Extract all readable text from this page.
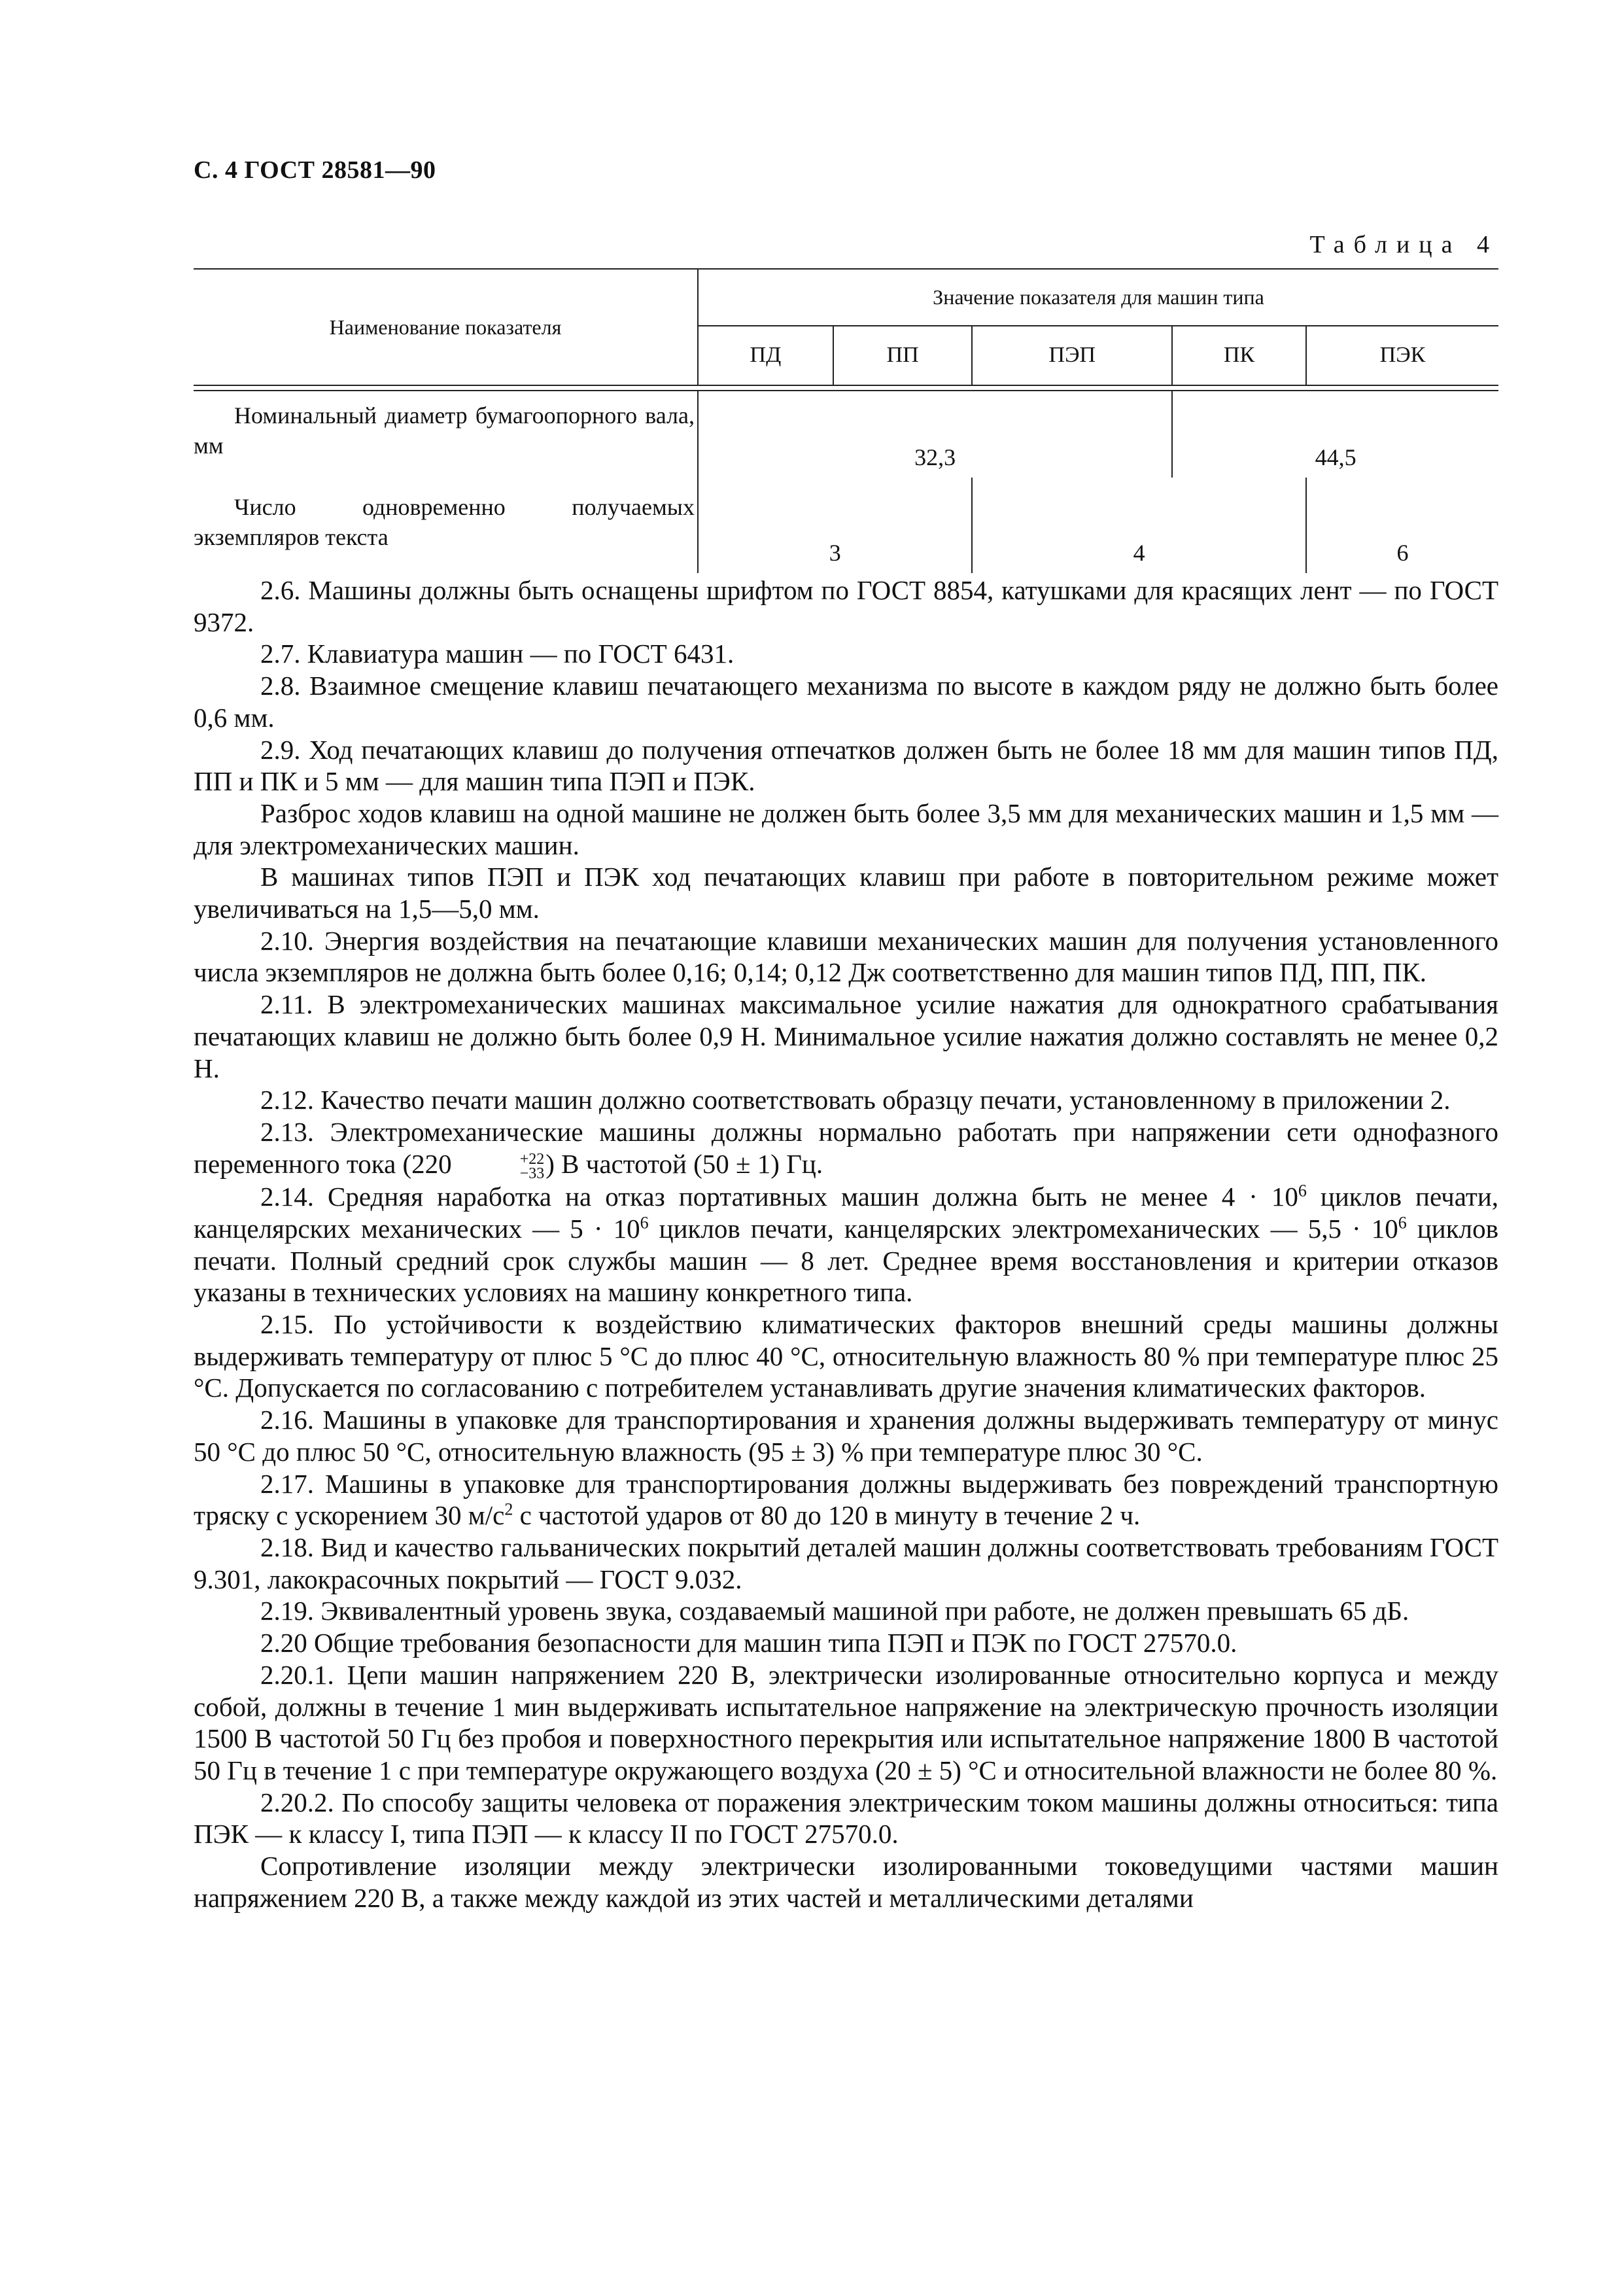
С. 4 ГОСТ 28581—90
Таблица 4
Наименование показателя	Значение показателя для машин типа				
	ПД	ПП	ПЭП	ПК	ПЭК

Номинальный диаметр бумагоопорного вала, мм	32,3			44,5	
Число одновременно получаемых экземпляров текста	3		4		6

2.6. Машины должны быть оснащены шрифтом по ГОСТ 8854, катушками для красящих лент — по ГОСТ 9372.

2.7. Клавиатура машин — по ГОСТ 6431.

2.8. Взаимное смещение клавиш печатающего механизма по высоте в каждом ряду не должно быть более 0,6 мм.

2.9. Ход печатающих клавиш до получения отпечатков должен быть не более 18 мм для машин типов ПД, ПП и ПК и 5 мм — для машин типа ПЭП и ПЭК.

Разброс ходов клавиш на одной машине не должен быть более 3,5 мм для механических машин и 1,5 мм — для электромеханических машин.

В машинах типов ПЭП и ПЭК ход печатающих клавиш при работе в повторительном режиме может увеличиваться на 1,5—5,0 мм.

2.10. Энергия воздействия на печатающие клавиши механических машин для получения установленного числа экземпляров не должна быть более 0,16; 0,14; 0,12 Дж соответственно для машин типов ПД, ПП, ПК.

2.11. В электромеханических машинах максимальное усилие нажатия для однократного срабатывания печатающих клавиш не должно быть более 0,9 Н. Минимальное усилие нажатия должно составлять не менее 0,2 Н.

2.12. Качество печати машин должно соответствовать образцу печати, установленному в приложении 2.

2.13. Электромеханические машины должны нормально работать при напряжении сети однофазного переменного тока (220	+22
−33 ) В частотой (50 ± 1) Гц.

2.14. Средняя наработка на отказ портативных машин должна быть не менее $4 \cdot 10^6$ циклов печати, канцелярских механических — $5 \cdot 10^6$ циклов печати, канцелярских электромеханических — $5,5 \cdot 10^6$ циклов печати. Полный средний срок службы машин — 8 лет. Среднее время восстановления и критерии отказов указаны в технических условиях на машину конкретного типа.

2.15. По устойчивости к воздействию климатических факторов внешний среды машины должны выдерживать температуру от плюс 5 °С до плюс 40 °С, относительную влажность 80 % при температуре плюс 25 °С. Допускается по согласованию с потребителем устанавливать другие значения климатических факторов.

2.16. Машины в упаковке для транспортирования и хранения должны выдерживать температуру от минус 50 °С до плюс 50 °С, относительную влажность (95 ± 3) % при температуре плюс 30 °С.

2.17. Машины в упаковке для транспортирования должны выдерживать без повреждений транспортную тряску с ускорением 30 $м/с^2$ с частотой ударов от 80 до 120 в минуту в течение 2 ч.

2.18. Вид и качество гальванических покрытий деталей машин должны соответствовать требованиям ГОСТ 9.301, лакокрасочных покрытий — ГОСТ 9.032.

2.19. Эквивалентный уровень звука, создаваемый машиной при работе, не должен превышать 65 дБ.

2.20 Общие требования безопасности для машин типа ПЭП и ПЭК по ГОСТ 27570.0.

2.20.1. Цепи машин напряжением 220 В, электрически изолированные относительно корпуса и между собой, должны в течение 1 мин выдерживать испытательное напряжение на электрическую прочность изоляции 1500 В частотой 50 Гц без пробоя и поверхностного перекрытия или испытательное напряжение 1800 В частотой 50 Гц в течение 1 с при температуре окружающего воздуха (20 ± 5) °С и относительной влажности не более 80 %.

2.20.2. По способу защиты человека от поражения электрическим током машины должны относиться: типа ПЭК — к классу I, типа ПЭП — к классу II по ГОСТ 27570.0.

Сопротивление изоляции между электрически изолированными токоведущими частями машин напряжением 220 В, а также между каждой из этих частей и металлическими деталями
